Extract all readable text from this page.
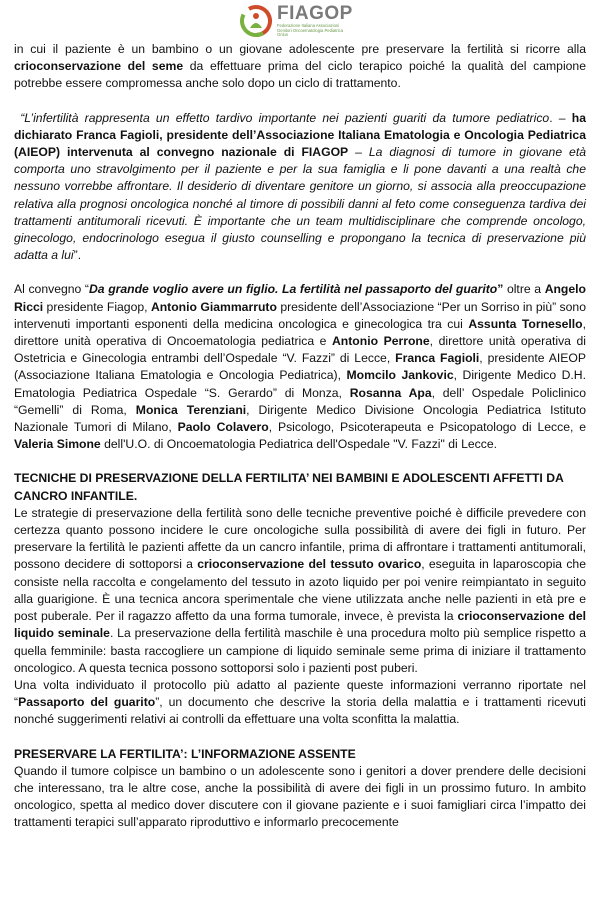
FIAGOP
Federazione Italiana Associazioni Genitori Oncoematologia Pediatrica Onlus

in cui il paziente è un bambino o un giovane adolescente pre preservare la fertilità si ricorre alla crioconservazione del seme da effettuare prima del ciclo terapico poiché la qualità del campione potrebbe essere compromessa anche solo dopo un ciclo di trattamento.

“L’infertilità rappresenta un effetto tardivo importante nei pazienti guariti da tumore pediatrico. – ha dichiarato Franca Fagioli, presidente dell’Associazione Italiana Ematologia e Oncologia Pediatrica (AIEOP) intervenuta al convegno nazionale di FIAGOP – La diagnosi di tumore in giovane età comporta uno stravolgimento per il paziente e per la sua famiglia e li pone davanti a una realtà che nessuno vorrebbe affrontare. Il desiderio di diventare genitore un giorno, si associa alla preoccupazione relativa alla prognosi oncologica nonché al timore di possibili danni al feto come conseguenza tardiva dei trattamenti antitumorali ricevuti. È importante che un team multidisciplinare che comprende oncologo, ginecologo, endocrinologo esegua il giusto counselling e propongano la tecnica di preservazione più adatta a lui”.

Al convegno “Da grande voglio avere un figlio. La fertilità nel passaporto del guarito” oltre a Angelo Ricci presidente Fiagop, Antonio Giammarruto presidente dell’Associazione “Per un Sorriso in più” sono intervenuti importanti esponenti della medicina oncologica e ginecologica tra cui Assunta Tornesello, direttore unità operativa di Oncoematologia pediatrica e Antonio Perrone, direttore unità operativa di Ostetricia e Ginecologia entrambi dell’Ospedale “V. Fazzi” di Lecce, Franca Fagioli, presidente AIEOP (Associazione Italiana Ematologia e Oncologia Pediatrica), Momcilo Jankovic, Dirigente Medico D.H. Ematologia Pediatrica Ospedale “S. Gerardo” di Monza, Rosanna Apa, dell’ Ospedale Policlinico “Gemelli” di Roma, Monica Terenziani, Dirigente Medico Divisione Oncologia Pediatrica Istituto Nazionale Tumori di Milano, Paolo Colavero, Psicologo, Psicoterapeuta e Psicopatologo di Lecce, e Valeria Simone dell'U.O. di Oncoematologia Pediatrica dell'Ospedale "V. Fazzi" di Lecce.

TECNICHE DI PRESERVAZIONE DELLA FERTILITA’ NEI BAMBINI E ADOLESCENTI AFFETTI DA CANCRO INFANTILE.

Le strategie di preservazione della fertilità sono delle tecniche preventive poiché è difficile prevedere con certezza quanto possono incidere le cure oncologiche sulla possibilità di avere dei figli in futuro. Per preservare la fertilità le pazienti affette da un cancro infantile, prima di affrontare i trattamenti antitumorali, possono decidere di sottoporsi a crioconservazione del tessuto ovarico, eseguita in laparoscopia che consiste nella raccolta e congelamento del tessuto in azoto liquido per poi venire reimpiantato in seguito alla guarigione. È una tecnica ancora sperimentale che viene utilizzata anche nelle pazienti in età pre e post puberale. Per il ragazzo affetto da una forma tumorale, invece, è prevista la crioconservazione del liquido seminale. La preservazione della fertilità maschile è una procedura molto più semplice rispetto a quella femminile: basta raccogliere un campione di liquido seminale seme prima di iniziare il trattamento oncologico. A questa tecnica possono sottoporsi solo i pazienti post puberi.

Una volta individuato il protocollo più adatto al paziente queste informazioni verranno riportate nel “Passaporto del guarito”, un documento che descrive la storia della malattia e i trattamenti ricevuti nonché suggerimenti relativi ai controlli da effettuare una volta sconfitta la malattia.

PRESERVARE LA FERTILITA’: L’INFORMAZIONE ASSENTE

Quando il tumore colpisce un bambino o un adolescente sono i genitori a dover prendere delle decisioni che interessano, tra le altre cose, anche la possibilità di avere dei figli in un prossimo futuro. In ambito oncologico, spetta al medico dover discutere con il giovane paziente e i suoi famigliari circa l’impatto dei trattamenti terapici sull’apparato riproduttivo e informarlo precocemente
